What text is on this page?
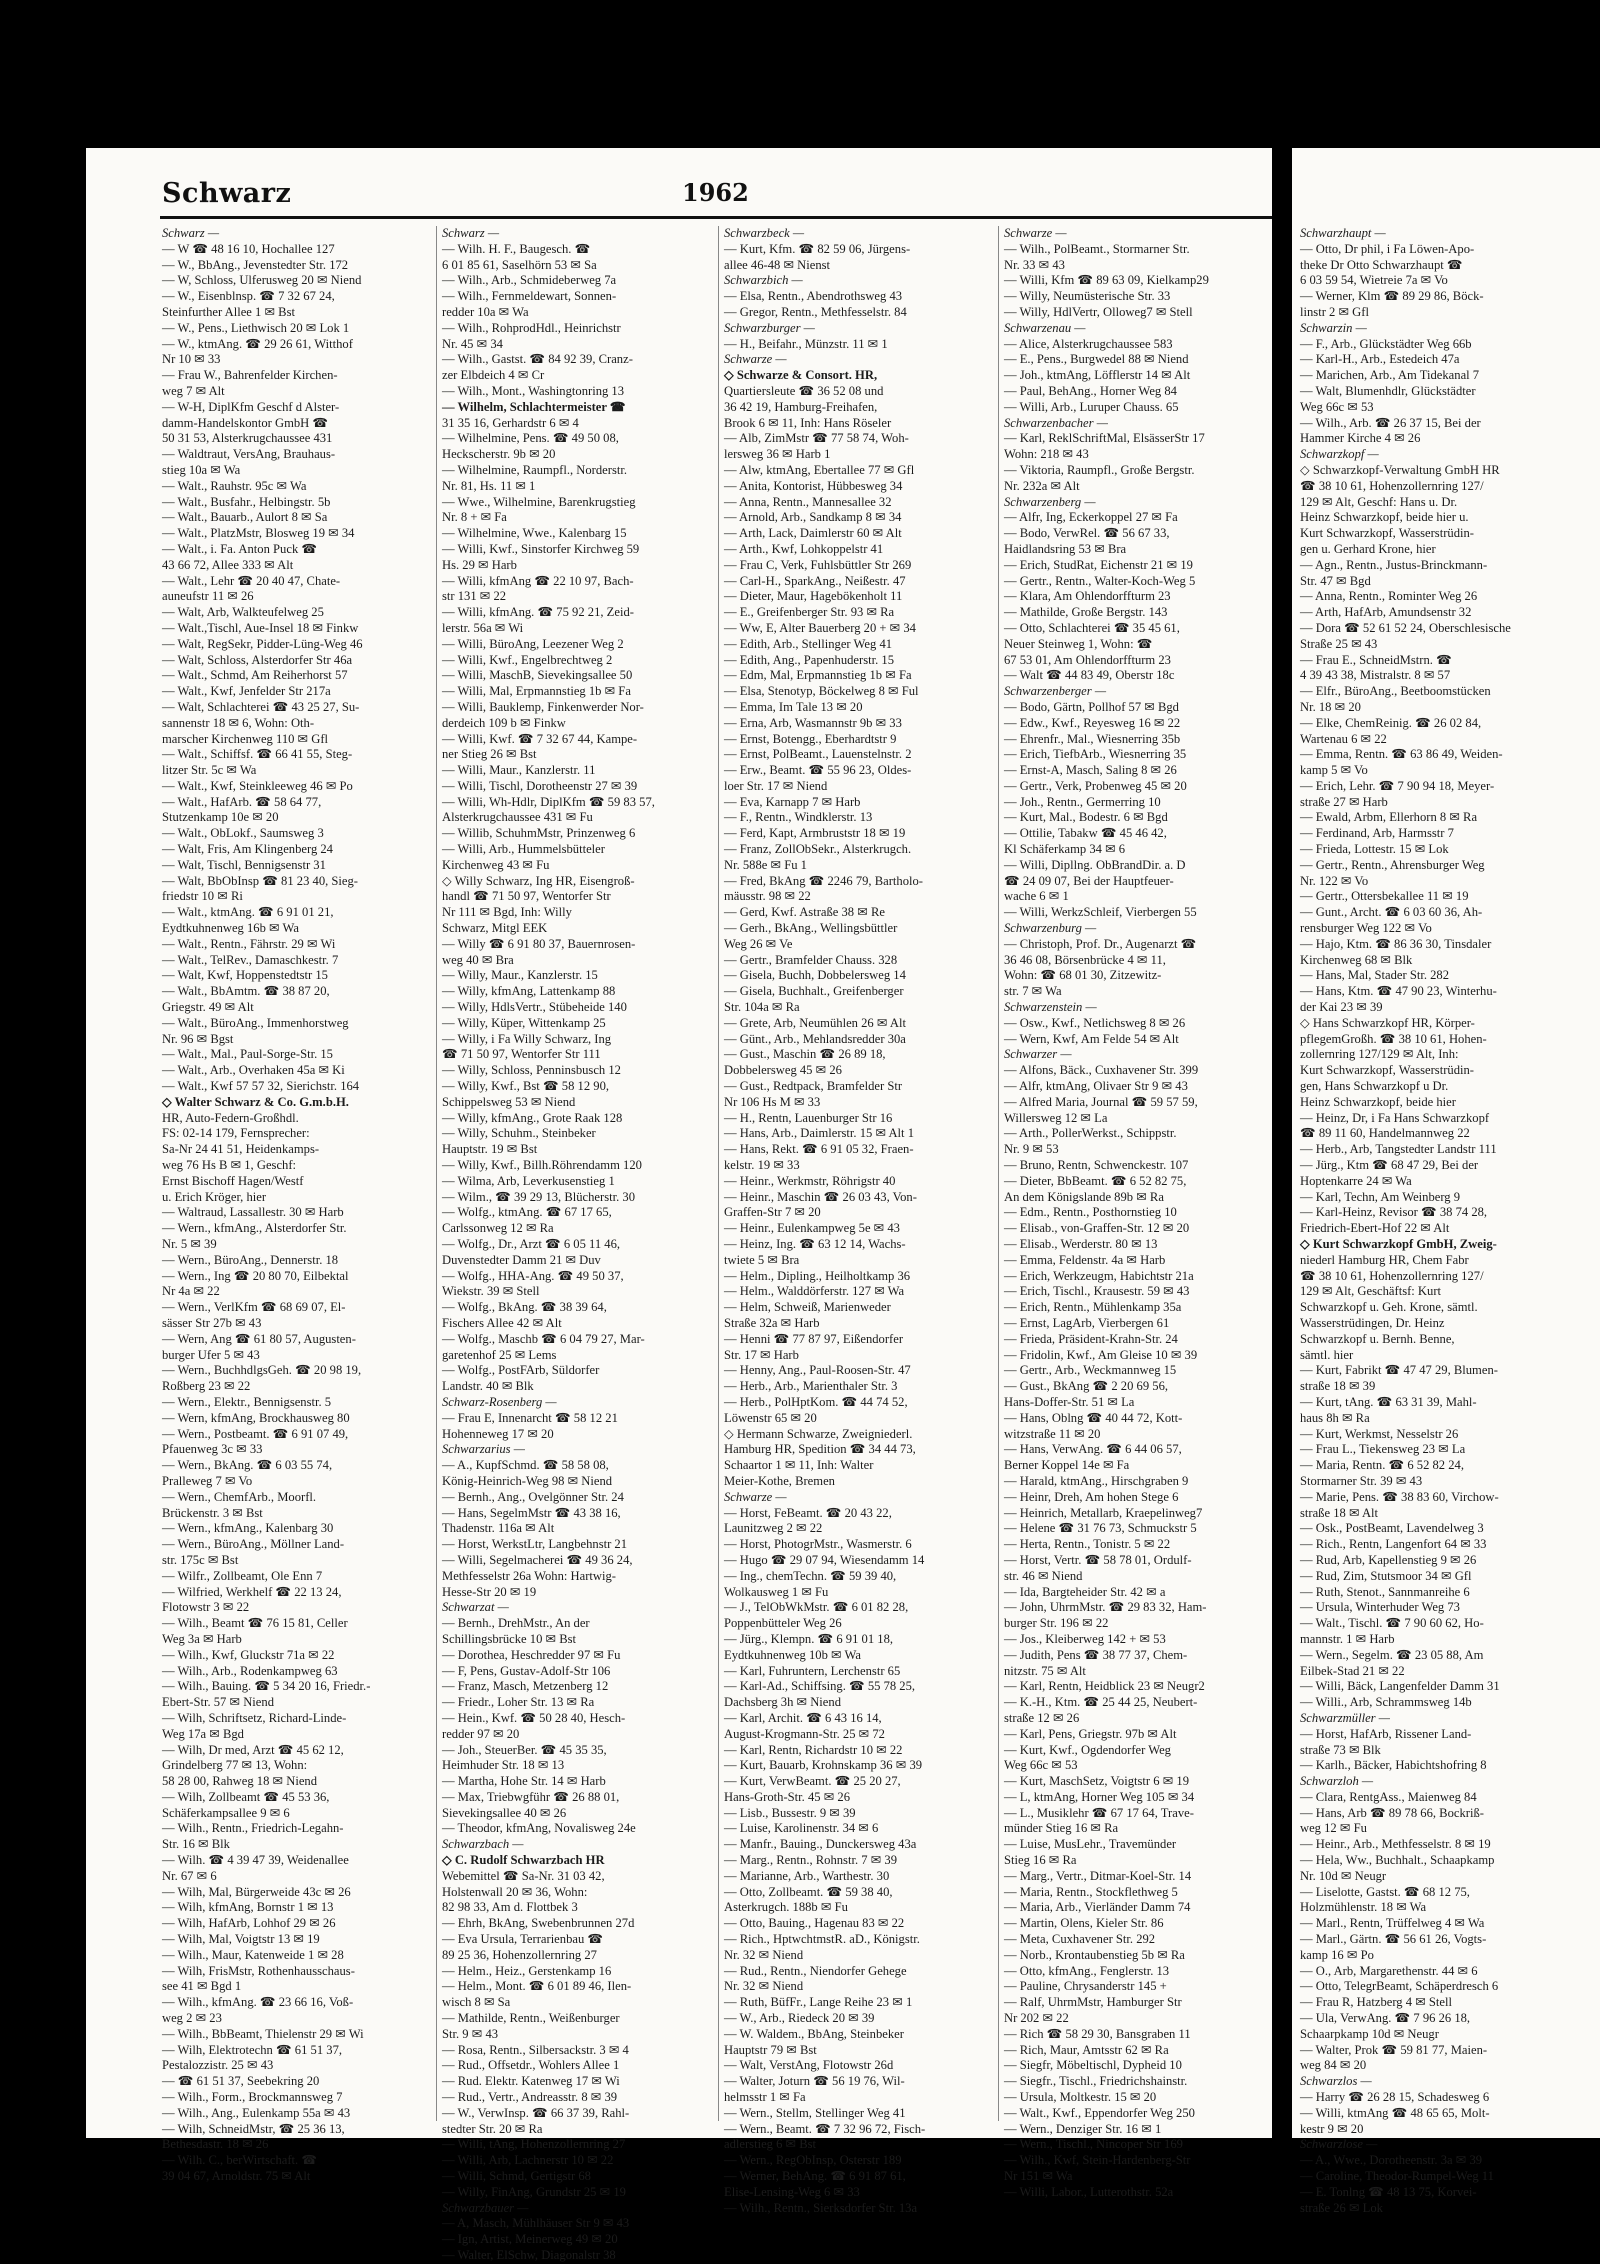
Schwarz	1962
Schwarz —
— W ☎ 48 16 10, Hochallee 127
— W., BbAng., Jevenstedter Str. 172
— W, Schloss, Ulferusweg 20 ✉ Niend
— W., Eisenblnsp. ☎ 7 32 67 24,
Steinfurther Allee 1 ✉ Bst
— W., Pens., Liethwisch 20 ✉ Lok 1
— W., ktmAng. ☎ 29 26 61, Witthof
Nr 10 ✉ 33
— Frau W., Bahrenfelder Kirchen-
weg 7 ✉ Alt
— W-H, DiplKfm Geschf d Alster-
damm-Handelskontor GmbH ☎
50 31 53, Alsterkrugchaussee 431
— Waldtraut, VersAng, Brauhaus-
stieg 10a ✉ Wa
— Walt., Rauhstr. 95c ✉ Wa
— Walt., Busfahr., Helbingstr. 5b
— Walt., Bauarb., Aulort 8 ✉ Sa
— Walt., PlatzMstr, Blosweg 19 ✉ 34
— Walt., i. Fa. Anton Puck ☎
43 66 72, Allee 333 ✉ Alt
— Walt., Lehr ☎ 20 40 47, Chate-
auneufstr 11 ✉ 26
— Walt, Arb, Walkteufelweg 25
— Walt.,Tischl, Aue-Insel 18 ✉ Finkw
— Walt, RegSekr, Pidder-Lüng-Weg 46
— Walt, Schloss, Alsterdorfer Str 46a
— Walt., Schmd, Am Reiherhorst 57
— Walt., Kwf, Jenfelder Str 217a
— Walt, Schlachterei ☎ 43 25 27, Su-
sannenstr 18 ✉ 6, Wohn: Oth-
marscher Kirchenweg 110 ✉ Gfl
— Walt., Schiffsf. ☎ 66 41 55, Steg-
litzer Str. 5c ✉ Wa
— Walt., Kwf, Steinkleeweg 46 ✉ Po
— Walt., HafArb. ☎ 58 64 77,
Stutzenkamp 10e ✉ 20
— Walt., ObLokf., Saumsweg 3
— Walt, Fris, Am Klingenberg 24
— Walt, Tischl, Bennigsenstr 31
— Walt, BbObInsp ☎ 81 23 40, Sieg-
friedstr 10 ✉ Ri
— Walt., ktmAng. ☎ 6 91 01 21,
Eydtkuhnenweg 16b ✉ Wa
— Walt., Rentn., Fährstr. 29 ✉ Wi
— Walt., TelRev., Damaschkestr. 7
— Walt, Kwf, Hoppenstedtstr 15
— Walt., BbAmtm. ☎ 38 87 20,
Griegstr. 49 ✉ Alt
— Walt., BüroAng., Immenhorstweg
Nr. 96 ✉ Bgst
— Walt., Mal., Paul-Sorge-Str. 15
— Walt., Arb., Overhaken 45a ✉ Ki
— Walt., Kwf 57 57 32, Sierichstr. 164
◇ Walter Schwarz & Co. G.m.b.H.
HR, Auto-Federn-Großhdl.
FS: 02-14 179, Fernsprecher:
Sa-Nr 24 41 51, Heidenkamps-
weg 76 Hs B ✉ 1, Geschf:
Ernst Bischoff Hagen/Westf
u. Erich Kröger, hier
— Waltraud, Lassallestr. 30 ✉ Harb
— Wern., kfmAng., Alsterdorfer Str.
Nr. 5 ✉ 39
— Wern., BüroAng., Dennerstr. 18
— Wern., Ing ☎ 20 80 70, Eilbektal
Nr 4a ✉ 22
— Wern., VerlKfm ☎ 68 69 07, El-
sässer Str 27b ✉ 43
— Wern, Ang ☎ 61 80 57, Augusten-
burger Ufer 5 ✉ 43
— Wern., BuchhdlgsGeh. ☎ 20 98 19,
Roßberg 23 ✉ 22
— Wern., Elektr., Bennigsenstr. 5
— Wern, kfmAng, Brockhausweg 80
— Wern., Postbeamt. ☎ 6 91 07 49,
Pfauenweg 3c ✉ 33
— Wern., BkAng. ☎ 6 03 55 74,
Pralleweg 7 ✉ Vo
— Wern., ChemfArb., Moorfl.
Brückenstr. 3 ✉ Bst
— Wern., kfmAng., Kalenbarg 30
— Wern., BüroAng., Möllner Land-
str. 175c ✉ Bst
— Wilfr., Zollbeamt, Ole Enn 7
— Wilfried, Werkhelf ☎ 22 13 24,
Flotowstr 3 ✉ 22
— Wilh., Beamt ☎ 76 15 81, Celler
Weg 3a ✉ Harb
— Wilh., Kwf, Gluckstr 71a ✉ 22
— Wilh., Arb., Rodenkampweg 63
— Wilh., Bauing. ☎ 5 34 20 16, Friedr.-
Ebert-Str. 57 ✉ Niend
— Wilh, Schriftsetz, Richard-Linde-
Weg 17a ✉ Bgd
— Wilh, Dr med, Arzt ☎ 45 62 12,
Grindelberg 77 ✉ 13, Wohn:
58 28 00, Rahweg 18 ✉ Niend
— Wilh, Zollbeamt ☎ 45 53 36,
Schäferkampsallee 9 ✉ 6
— Wilh., Rentn., Friedrich-Legahn-
Str. 16 ✉ Blk
— Wilh. ☎ 4 39 47 39, Weidenallee
Nr. 67 ✉ 6
— Wilh, Mal, Bürgerweide 43c ✉ 26
— Wilh, kfmAng, Bornstr 1 ✉ 13
— Wilh, HafArb, Lohhof 29 ✉ 26
— Wilh, Mal, Voigtstr 13 ✉ 19
— Wilh., Maur, Katenweide 1 ✉ 28
— Wilh, FrisMstr, Rothenhausschaus-
see 41 ✉ Bgd 1
— Wilh., kfmAng. ☎ 23 66 16, Voß-
weg 2 ✉ 23
— Wilh., BbBeamt, Thielenstr 29 ✉ Wi
— Wilh, Elektrotechn ☎ 61 51 37,
Pestalozzistr. 25 ✉ 43
— ☎ 61 51 37, Seebekring 20
— Wilh., Form., Brockmannsweg 7
— Wilh., Ang., Eulenkamp 55a ✉ 43
— Wilh, SchneidMstr, ☎ 25 36 13,
Bethesdastr. 18 ✉ 26
— Wilh. C., berWirtschaft. ☎
39 04 67, Arnoldstr. 75 ✉ Alt
Schwarz —
— Wilh. H. F., Baugesch. ☎
6 01 85 61, Saselhörn 53 ✉ Sa
— Wilh., Arb., Schmideberweg 7a
— Wilh., Fernmeldewart, Sonnen-
redder 10a ✉ Wa
— Wilh., RohprodHdl., Heinrichstr
Nr. 45 ✉ 34
— Wilh., Gastst. ☎ 84 92 39, Cranz-
zer Elbdeich 4 ✉ Cr
— Wilh., Mont., Washingtonring 13
— Wilhelm, Schlachtermeister ☎
31 35 16, Gerhardstr 6 ✉ 4
— Wilhelmine, Pens. ☎ 49 50 08,
Heckscherstr. 9b ✉ 20
— Wilhelmine, Raumpfl., Norderstr.
Nr. 81, Hs. 11 ✉ 1
— Wwe., Wilhelmine, Barenkrugstieg
Nr. 8 + ✉ Fa
— Wilhelmine, Wwe., Kalenbarg 15
— Willi, Kwf., Sinstorfer Kirchweg 59
Hs. 29 ✉ Harb
— Willi, kfmAng ☎ 22 10 97, Bach-
str 131 ✉ 22
— Willi, kfmAng. ☎ 75 92 21, Zeid-
lerstr. 56a ✉ Wi
— Willi, BüroAng, Leezener Weg 2
— Willi, Kwf., Engelbrechtweg 2
— Willi, MaschB, Sievekingsallee 50
— Willi, Mal, Erpmannstieg 1b ✉ Fa
— Willi, Bauklemp, Finkenwerder Nor-
derdeich 109 b ✉ Finkw
— Willi, Kwf. ☎ 7 32 67 44, Kampe-
ner Stieg 26 ✉ Bst
— Willi, Maur., Kanzlerstr. 11
— Willi, Tischl, Dorotheenstr 27 ✉ 39
— Willi, Wh-Hdlr, DiplKfm ☎ 59 83 57,
Alsterkrugchaussee 431 ✉ Fu
— Willib, SchuhmMstr, Prinzenweg 6
— Willi, Arb., Hummelsbütteler
Kirchenweg 43 ✉ Fu
◇ Willy Schwarz, Ing HR, Eisengroß-
handl ☎ 71 50 97, Wentorfer Str
Nr 111 ✉ Bgd, Inh: Willy
Schwarz, Mitgl EEK
— Willy ☎ 6 91 80 37, Bauernrosen-
weg 40 ✉ Bra
— Willy, Maur., Kanzlerstr. 15
— Willy, kfmAng, Lattenkamp 88
— Willy, HdlsVertr., Stübeheide 140
— Willy, Küper, Wittenkamp 25
— Willy, i Fa Willy Schwarz, Ing
☎ 71 50 97, Wentorfer Str 111
— Willy, Schloss, Penninsbusch 12
— Willy, Kwf., Bst ☎ 58 12 90,
Schippelsweg 53 ✉ Niend
— Willy, kfmAng., Grote Raak 128
— Willy, Schuhm., Steinbeker
Hauptstr. 19 ✉ Bst
— Willy, Kwf., Billh.Röhrendamm 120
— Wilma, Arb, Leverkusenstieg 1
— Wilm., ☎ 39 29 13, Blücherstr. 30
— Wolfg., ktmAng. ☎ 67 17 65,
Carlssonweg 12 ✉ Ra
— Wolfg., Dr., Arzt ☎ 6 05 11 46,
Duvenstedter Damm 21 ✉ Duv
— Wolfg., HHA-Ang. ☎ 49 50 37,
Wiekstr. 39 ✉ Stell
— Wolfg., BkAng. ☎ 38 39 64,
Fischers Allee 42 ✉ Alt
— Wolfg., Maschb ☎ 6 04 79 27, Mar-
garetenhof 25 ✉ Lems
— Wolfg., PostFArb, Süldorfer
Landstr. 40 ✉ Blk
Schwarz-Rosenberg —
— Frau E, Innenarcht ☎ 58 12 21
Hohenneweg 17 ✉ 20
Schwarzarius —
— A., KupfSchmd. ☎ 58 58 08,
König-Heinrich-Weg 98 ✉ Niend
— Bernh., Ang., Ovelgönner Str. 24
— Hans, SegelmMstr ☎ 43 38 16,
Thadenstr. 116a ✉ Alt
— Horst, WerkstLtr, Langbehnstr 21
— Willi, Segelmacherei ☎ 49 36 24,
Methfesselstr 26a Wohn: Hartwig-
Hesse-Str 20 ✉ 19
Schwarzat —
— Bernh., DrehMstr., An der
Schillingsbrücke 10 ✉ Bst
— Dorothea, Heschredder 97 ✉ Fu
— F, Pens, Gustav-Adolf-Str 106
— Franz, Masch, Metzenberg 12
— Friedr., Loher Str. 13 ✉ Ra
— Hein., Kwf. ☎ 50 28 40, Hesch-
redder 97 ✉ 20
— Joh., SteuerBer. ☎ 45 35 35,
Heimhuder Str. 18 ✉ 13
— Martha, Hohe Str. 14 ✉ Harb
— Max, Triebwgführ ☎ 26 88 01,
Sievekingsallee 40 ✉ 26
— Theodor, kfmAng, Novalisweg 24e
Schwarzbach —
◇ C. Rudolf Schwarzbach HR
Webemittel ☎ Sa-Nr. 31 03 42,
Holstenwall 20 ✉ 36, Wohn:
82 98 33, Am d. Flottbek 3
— Ehrh, BkAng, Swebenbrunnen 27d
— Eva Ursula, Terrarienbau ☎
89 25 36, Hohenzollernring 27
— Helm., Heiz., Gerstenkamp 16
— Helm., Mont. ☎ 6 01 89 46, Ilen-
wisch 8 ✉ Sa
— Mathilde, Rentn., Weißenburger
Str. 9 ✉ 43
— Rosa, Rentn., Silbersackstr. 3 ✉ 4
— Rud., Offsetdr., Wohlers Allee 1
— Rud. Elektr. Katenweg 17 ✉ Wi
— Rud., Vertr., Andreasstr. 8 ✉ 39
— W., VerwInsp. ☎ 66 37 39, Rahl-
stedter Str. 20 ✉ Ra
— Willi, tAng, Hohenzollernring 27
— Willi, Arb, Lachnerstr 10 ✉ 22
— Willi, Schmd, Gertigstr 68
— Willy, FinAng, Grundstr 25 ✉ 19
Schwarzbauer —
— A, Masch, Mühlhäuser Str 9 ✉ 43
— Ign, Artist, Meinerweg 49 ✉ 20
— Walter, ElSchw, Diagonalstr 38
Schwarzbeck —
— Kurt, Kfm. ☎ 82 59 06, Jürgens-
allee 46-48 ✉ Nienst
Schwarzbich —
— Elsa, Rentn., Abendrothsweg 43
— Gregor, Rentn., Methfesselstr. 84
Schwarzburger —
— H., Beifahr., Münzstr. 11 ✉ 1
Schwarze —
◇ Schwarze & Consort. HR,
Quartiersleute ☎ 36 52 08 und
36 42 19, Hamburg-Freihafen,
Brook 6 ✉ 11, Inh: Hans Röseler
— Alb, ZimMstr ☎ 77 58 74, Woh-
lersweg 36 ✉ Harb 1
— Alw, ktmAng, Ebertallee 77 ✉ Gfl
— Anita, Kontorist, Hübbesweg 34
— Anna, Rentn., Mannesallee 32
— Arnold, Arb., Sandkamp 8 ✉ 34
— Arth, Lack, Daimlerstr 60 ✉ Alt
— Arth., Kwf, Lohkoppelstr 41
— Frau C, Verk, Fuhlsbüttler Str 269
— Carl-H., SparkAng., Neißestr. 47
— Dieter, Maur, Hagebökenholt 11
— E., Greifenberger Str. 93 ✉ Ra
— Ww, E, Alter Bauerberg 20 + ✉ 34
— Edith, Arb., Stellinger Weg 41
— Edith, Ang., Papenhuderstr. 15
— Edm, Mal, Erpmannstieg 1b ✉ Fa
— Elsa, Stenotyp, Böckelweg 8 ✉ Ful
— Emma, Im Tale 13 ✉ 20
— Erna, Arb, Wasmannstr 9b ✉ 33
— Ernst, Botengg., Eberhardtstr 9
— Ernst, PolBeamt., Lauenstelnstr. 2
— Erw., Beamt. ☎ 55 96 23, Oldes-
loer Str. 17 ✉ Niend
— Eva, Karnapp 7 ✉ Harb
— F., Rentn., Windklerstr. 13
— Ferd, Kapt, Armbruststr 18 ✉ 19
— Franz, ZollObSekr., Alsterkrugch.
Nr. 588e ✉ Fu 1
— Fred, BkAng ☎ 2246 79, Bartholo-
mäusstr. 98 ✉ 22
— Gerd, Kwf. Astraße 38 ✉ Re
— Gerh., BkAng., Wellingsbüttler
Weg 26 ✉ Ve
— Gertr., Bramfelder Chauss. 328
— Gisela, Buchh, Dobbelersweg 14
— Gisela, Buchhalt., Greifenberger
Str. 104a ✉ Ra
— Grete, Arb, Neumühlen 26 ✉ Alt
— Günt., Arb., Mehlandsredder 30a
— Gust., Maschin ☎ 26 89 18,
Dobbelersweg 45 ✉ 26
— Gust., Redtpack, Bramfelder Str
Nr 106 Hs M ✉ 33
— H., Rentn, Lauenburger Str 16
— Hans, Arb., Daimlerstr. 15 ✉ Alt 1
— Hans, Rekt. ☎ 6 91 05 32, Fraen-
kelstr. 19 ✉ 33
— Heinr., Werkmstr, Röhrigstr 40
— Heinr., Maschin ☎ 26 03 43, Von-
Graffen-Str 7 ✉ 20
— Heinr., Eulenkampweg 5e ✉ 43
— Heinz, Ing. ☎ 63 12 14, Wachs-
twiete 5 ✉ Bra
— Helm., Dipling., Heilholtkamp 36
— Helm., Walddörferstr. 127 ✉ Wa
— Helm, Schweiß, Marienweder
Straße 32a ✉ Harb
— Henni ☎ 77 87 97, Eißendorfer
Str. 17 ✉ Harb
— Henny, Ang., Paul-Roosen-Str. 47
— Herb., Arb., Marienthaler Str. 3
— Herb., PolHptKom. ☎ 44 74 52,
Löwenstr 65 ✉ 20
◇ Hermann Schwarze, Zweigniederl.
Hamburg HR, Spedition ☎ 34 44 73,
Schaartor 1 ✉ 11, Inh: Walter
Meier-Kothe, Bremen
Schwarze —
— Horst, FeBeamt. ☎ 20 43 22,
Launitzweg 2 ✉ 22
— Horst, PhotogrMstr., Wasmerstr. 6
— Hugo ☎ 29 07 94, Wiesendamm 14
— Ing., chemTechn. ☎ 59 39 40,
Wolkausweg 1 ✉ Fu
— J., TelObWkMstr. ☎ 6 01 82 28,
Poppenbütteler Weg 26
— Jürg., Klempn. ☎ 6 91 01 18,
Eydtkuhnenweg 10b ✉ Wa
— Karl, Fuhruntern, Lerchenstr 65
— Karl-Ad., Schiffsing. ☎ 55 78 25,
Dachsberg 3h ✉ Niend
— Karl, Archit. ☎ 6 43 16 14,
August-Krogmann-Str. 25 ✉ 72
— Karl, Rentn, Richardstr 10 ✉ 22
— Kurt, Bauarb, Krohnskamp 36 ✉ 39
— Kurt, VerwBeamt. ☎ 25 20 27,
Hans-Groth-Str. 45 ✉ 26
— Lisb., Bussestr. 9 ✉ 39
— Luise, Karolinenstr. 34 ✉ 6
— Manfr., Bauing., Dunckersweg 43a
— Marg., Rentn., Rohnstr. 7 ✉ 39
— Marianne, Arb., Warthestr. 30
— Otto, Zollbeamt. ☎ 59 38 40,
Asterkrugch. 188b ✉ Fu
— Otto, Bauing., Hagenau 83 ✉ 22
— Rich., HptwchtmstR. aD., Königstr.
Nr. 32 ✉ Niend
— Rud., Rentn., Niendorfer Gehege
Nr. 32 ✉ Niend
— Ruth, BüfFr., Lange Reihe 23 ✉ 1
— W., Arb., Riedeck 20 ✉ 39
— W. Waldem., BbAng, Steinbeker
Hauptstr 79 ✉ Bst
— Walt, VerstAng, Flotowstr 26d
— Walter, Joturn ☎ 56 19 76, Wil-
helmsstr 1 ✉ Fa
— Wern., Stellm, Stellinger Weg 41
— Wern., Beamt. ☎ 7 32 96 72, Fisch-
adlerstieg 6 ✉ Bst
— Wern., RegObInsp, Osterstr 189
— Werner, BehAng. ☎ 6 91 87 61,
Elise-Lensing-Weg 6 ✉ 33
— Wilh., Rentn., Sierksdorfer Str. 13a
Schwarze —
— Wilh., PolBeamt., Stormarner Str.
Nr. 33 ✉ 43
— Willi, Kfm ☎ 89 63 09, Kielkamp29
— Willy, Neumüsterische Str. 33
— Willy, HdlVertr, Olloweg7 ✉ Stell
Schwarzenau —
— Alice, Alsterkrugchaussee 583
— E., Pens., Burgwedel 88 ✉ Niend
— Joh., ktmAng, Löfflerstr 14 ✉ Alt
— Paul, BehAng., Horner Weg 84
— Willi, Arb., Luruper Chauss. 65
Schwarzenbacher —
— Karl, ReklSchriftMal, ElsässerStr 17
Wohn: 218 ✉ 43
— Viktoria, Raumpfl., Große Bergstr.
Nr. 232a ✉ Alt
Schwarzenberg —
— Alfr, Ing, Eckerkoppel 27 ✉ Fa
— Bodo, VerwRel. ☎ 56 67 33,
Haidlandsring 53 ✉ Bra
— Erich, StudRat, Eichenstr 21 ✉ 19
— Gertr., Rentn., Walter-Koch-Weg 5
— Klara, Am Ohlendorffturm 23
— Mathilde, Große Bergstr. 143
— Otto, Schlachterei ☎ 35 45 61,
Neuer Steinweg 1, Wohn: ☎
67 53 01, Am Ohlendorffturm 23
— Walt ☎ 44 83 49, Oberstr 18c
Schwarzenberger —
— Bodo, Gärtn, Pollhof 57 ✉ Bgd
— Edw., Kwf., Reyesweg 16 ✉ 22
— Ehrenfr., Mal., Wiesnerring 35b
— Erich, TiefbArb., Wiesnerring 35
— Ernst-A, Masch, Saling 8 ✉ 26
— Gertr., Verk, Probenweg 45 ✉ 20
— Joh., Rentn., Germerring 10
— Kurt, Mal., Bodestr. 6 ✉ Bgd
— Ottilie, Tabakw ☎ 45 46 42,
Kl Schäferkamp 34 ✉ 6
— Willi, Dipllng. ObBrandDir. a. D
☎ 24 09 07, Bei der Hauptfeuer-
wache 6 ✉ 1
— Willi, WerkzSchleif, Vierbergen 55
Schwarzenburg —
— Christoph, Prof. Dr., Augenarzt ☎
36 46 08, Börsenbrücke 4 ✉ 11,
Wohn: ☎ 68 01 30, Zitzewitz-
str. 7 ✉ Wa
Schwarzenstein —
— Osw., Kwf., Netlichsweg 8 ✉ 26
— Wern, Kwf, Am Felde 54 ✉ Alt
Schwarzer —
— Alfons, Bäck., Cuxhavener Str. 399
— Alfr, ktmAng, Olivaer Str 9 ✉ 43
— Alfred Maria, Journal ☎ 59 57 59,
Willersweg 12 ✉ La
— Arth., PollerWerkst., Schippstr.
Nr. 9 ✉ 53
— Bruno, Rentn, Schwenckestr. 107
— Dieter, BbBeamt. ☎ 6 52 82 75,
An dem Königslande 89b ✉ Ra
— Edm., Rentn., Posthornstieg 10
— Elisab., von-Graffen-Str. 12 ✉ 20
— Elisab., Werderstr. 80 ✉ 13
— Emma, Feldenstr. 4a ✉ Harb
— Erich, Werkzeugm, Habichtstr 21a
— Erich, Tischl., Krausestr. 59 ✉ 43
— Erich, Rentn., Mühlenkamp 35a
— Ernst, LagArb, Vierbergen 61
— Frieda, Präsident-Krahn-Str. 24
— Fridolin, Kwf., Am Gleise 10 ✉ 39
— Gertr., Arb., Weckmannweg 15
— Gust., BkAng ☎ 2 20 69 56,
Hans-Doffer-Str. 51 ✉ La
— Hans, Oblng ☎ 40 44 72, Kott-
witzstraße 11 ✉ 20
— Hans, VerwAng. ☎ 6 44 06 57,
Berner Koppel 14e ✉ Fa
— Harald, ktmAng., Hirschgraben 9
— Heinr, Dreh, Am hohen Stege 6
— Heinrich, Metallarb, Kraepelinweg7
— Helene ☎ 31 76 73, Schmuckstr 5
— Herta, Rentn., Tonistr. 5 ✉ 22
— Horst, Vertr. ☎ 58 78 01, Ordulf-
str. 46 ✉ Niend
— Ida, Bargteheider Str. 42 ✉ a
— John, UhrmMstr. ☎ 29 83 32, Ham-
burger Str. 196 ✉ 22
— Jos., Kleiberweg 142 + ✉ 53
— Judith, Pens ☎ 38 77 37, Chem-
nitzstr. 75 ✉ Alt
— Karl, Rentn, Heidblick 23 ✉ Neugr2
— K.-H., Ktm. ☎ 25 44 25, Neubert-
straße 12 ✉ 26
— Karl, Pens, Griegstr. 97b ✉ Alt
— Kurt, Kwf., Ogdendorfer Weg
Weg 66c ✉ 53
— Kurt, MaschSetz, Voigtstr 6 ✉ 19
— L, ktmAng, Horner Weg 105 ✉ 34
— L., Musiklehr ☎ 67 17 64, Trave-
münder Stieg 16 ✉ Ra
— Luise, MusLehr., Travemünder
Stieg 16 ✉ Ra
— Marg., Vertr., Ditmar-Koel-Str. 14
— Maria, Rentn., Stockflethweg 5
— Maria, Arb., Vierländer Damm 74
— Martin, Olens, Kieler Str. 86
— Meta, Cuxhavener Str. 292
— Norb., Krontaubenstieg 5b ✉ Ra
— Otto, kfmAng., Fenglerstr. 13
— Pauline, Chrysanderstr 145 +
— Ralf, UhrmMstr, Hamburger Str
Nr 202 ✉ 22
— Rich ☎ 58 29 30, Bansgraben 11
— Rich, Maur, Amtsstr 62 ✉ Ra
— Siegfr, Möbeltischl, Dypheid 10
— Siegfr., Tischl., Friedrichshainstr.
— Ursula, Moltkestr. 15 ✉ 20
— Walt., Kwf., Eppendorfer Weg 250
— Wern., Denziger Str. 16 ✉ 1
— Wern., Tischl., Nincoper Str 169
— Wilh., Kwf, Stein-Hardenberg-Str
Nr 151 ✉ Wa
— Willi, Labor., Lutterothstr. 52a
Schwarzhaupt —
— Otto, Dr phil, i Fa Löwen-Apo-
theke Dr Otto Schwarzhaupt ☎
6 03 59 54, Wietreie 7a ✉ Vo
— Werner, Klm ☎ 89 29 86, Böck-
linstr 2 ✉ Gfl
Schwarzin —
— F., Arb., Glückstädter Weg 66b
— Karl-H., Arb., Estedeich 47a
— Marichen, Arb., Am Tidekanal 7
— Walt, Blumenhdlr, Glückstädter
Weg 66c ✉ 53
— Wilh., Arb. ☎ 26 37 15, Bei der
Hammer Kirche 4 ✉ 26
Schwarzkopf —
◇ Schwarzkopf-Verwaltung GmbH HR
☎ 38 10 61, Hohenzollernring 127/
129 ✉ Alt, Geschf: Hans u. Dr.
Heinz Schwarzkopf, beide hier u.
Kurt Schwarzkopf, Wasserstrüdin-
gen u. Gerhard Krone, hier
— Agn., Rentn., Justus-Brinckmann-
Str. 47 ✉ Bgd
— Anna, Rentn., Rominter Weg 26
— Arth, HafArb, Amundsenstr 32
— Dora ☎ 52 61 52 24, Oberschlesische
Straße 25 ✉ 43
— Frau E., SchneidMstrn. ☎
4 39 43 38, Mistralstr. 8 ✉ 57
— Elfr., BüroAng., Beetboomstücken
Nr. 18 ✉ 20
— Elke, ChemReinig. ☎ 26 02 84,
Wartenau 6 ✉ 22
— Emma, Rentn. ☎ 63 86 49, Weiden-
kamp 5 ✉ Vo
— Erich, Lehr. ☎ 7 90 94 18, Meyer-
straße 27 ✉ Harb
— Ewald, Arbm, Ellerhorn 8 ✉ Ra
— Ferdinand, Arb, Harmsstr 7
— Frieda, Lottestr. 15 ✉ Lok
— Gertr., Rentn., Ahrensburger Weg
Nr. 122 ✉ Vo
— Gertr., Ottersbekallee 11 ✉ 19
— Gunt., Archt. ☎ 6 03 60 36, Ah-
rensburger Weg 122 ✉ Vo
— Hajo, Ktm. ☎ 86 36 30, Tinsdaler
Kirchenweg 68 ✉ Blk
— Hans, Mal, Stader Str. 282
— Hans, Ktm. ☎ 47 90 23, Winterhu-
der Kai 23 ✉ 39
◇ Hans Schwarzkopf HR, Körper-
pflegemGroßh. ☎ 38 10 61, Hohen-
zollernring 127/129 ✉ Alt, Inh:
Kurt Schwarzkopf, Wasserstrüdin-
gen, Hans Schwarzkopf u Dr.
Heinz Schwarzkopf, beide hier
— Heinz, Dr, i Fa Hans Schwarzkopf
☎ 89 11 60, Handelmannweg 22
— Herb., Arb, Tangstedter Landstr 111
— Jürg., Ktm ☎ 68 47 29, Bei der
Hoptenkarre 24 ✉ Wa
— Karl, Techn, Am Weinberg 9
— Karl-Heinz, Revisor ☎ 38 74 28,
Friedrich-Ebert-Hof 22 ✉ Alt
◇ Kurt Schwarzkopf GmbH, Zweig-
niederl Hamburg HR, Chem Fabr
☎ 38 10 61, Hohenzollernring 127/
129 ✉ Alt, Geschäftsf: Kurt
Schwarzkopf u. Geh. Krone, sämtl.
Wasserstrüdingen, Dr. Heinz
Schwarzkopf u. Bernh. Benne,
sämtl. hier
— Kurt, Fabrikt ☎ 47 47 29, Blumen-
straße 18 ✉ 39
— Kurt, tAng. ☎ 63 31 39, Mahl-
haus 8h ✉ Ra
— Kurt, Werkmst, Nesselstr 26
— Frau L., Tiekensweg 23 ✉ La
— Maria, Rentn. ☎ 6 52 82 24,
Stormarner Str. 39 ✉ 43
— Marie, Pens. ☎ 38 83 60, Virchow-
straße 18 ✉ Alt
— Osk., PostBeamt, Lavendelweg 3
— Rich., Rentn, Langenfort 64 ✉ 33
— Rud, Arb, Kapellenstieg 9 ✉ 26
— Rud, Zim, Stutsmoor 34 ✉ Gfl
— Ruth, Stenot., Sannmanreihe 6
— Ursula, Winterhuder Weg 73
— Walt., Tischl. ☎ 7 90 60 62, Ho-
mannstr. 1 ✉ Harb
— Wern., Segelm. ☎ 23 05 88, Am
Eilbek-Stad 21 ✉ 22
— Willi, Bäck, Langenfelder Damm 31
— Willi., Arb, Schrammsweg 14b
Schwarzmüller —
— Horst, HafArb, Rissener Land-
straße 73 ✉ Blk
— Karlh., Bäcker, Habichtshofring 8
Schwarzloh —
— Clara, RentgAss., Maienweg 84
— Hans, Arb ☎ 89 78 66, Bockriß-
weg 12 ✉ Fu
— Heinr., Arb., Methfesselstr. 8 ✉ 19
— Hela, Ww., Buchhalt., Schaapkamp
Nr. 10d ✉ Neugr
— Liselotte, Gastst. ☎ 68 12 75,
Holzmühlenstr. 18 ✉ Wa
— Marl., Rentn, Trüffelweg 4 ✉ Wa
— Marl., Gärtn. ☎ 56 61 26, Vogts-
kamp 16 ✉ Po
— O., Arb, Margarethenstr. 44 ✉ 6
— Otto, TelegrBeamt, Schäperdresch 6
— Frau R, Hatzberg 4 ✉ Stell
— Ula, VerwAng. ☎ 7 96 26 18,
Schaarpkamp 10d ✉ Neugr
— Walter, Prok ☎ 59 81 77, Maien-
weg 84 ✉ 20
Schwarzlos —
— Harry ☎ 26 28 15, Schadesweg 6
— Willi, ktmAng ☎ 48 65 65, Molt-
kestr 9 ✉ 20
Schwarzlose —
— A., Wwe., Dorotheenstr. 3a ✉ 39
— Caroline, Theodor-Rumpel-Weg 11
— E. Tonlng ☎ 48 13 75, Korvei-
straße 26 ✉ Lok
